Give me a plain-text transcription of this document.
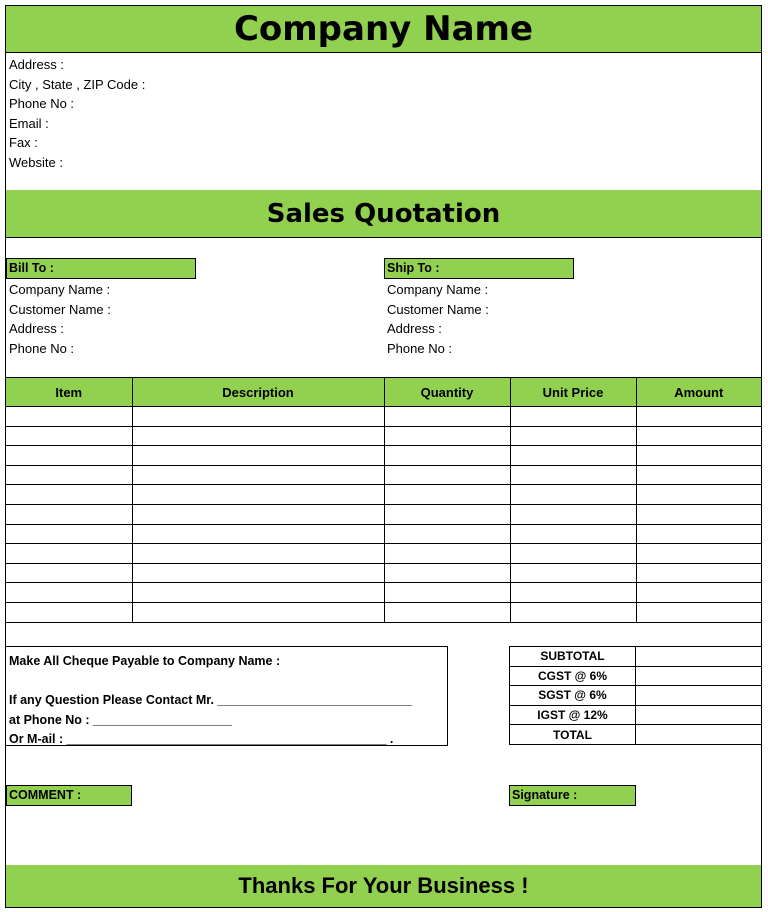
Company Name
Address :
City , State , ZIP Code :
Phone No :
Email :
Fax :
Website :
Sales Quotation
Bill To :
Company Name :
Customer Name :
Address :
Phone No :
Ship To :
Company Name :
Customer Name :
Address :
Phone No :
Item	Description	Quantity	Unit Price	Amount

Make All Cheque Payable to Company Name :
If any Question Please Contact Mr. ____________________________
at Phone No : ____________________
Or M-ail : ______________________________________________ .
SUBTOTAL	
CGST @ 6%	
SGST @ 6%	
IGST @ 12%	
TOTAL	
COMMENT :	Signature :
Thanks For Your Business !
